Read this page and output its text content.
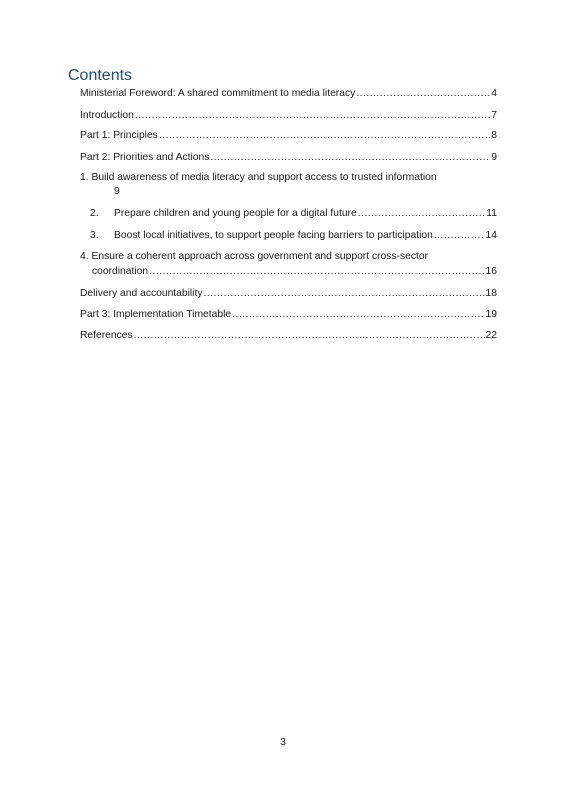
Contents
Ministerial Foreword: A shared commitment to media literacy .....	4
Introduction .....	7
Part 1: Principles .....	8
Part 2: Priorities and Actions .....	9
1. Build awareness of media literacy and support access to trusted information
9
2. Prepare children and young people for a digital future .....	11
3. Boost local initiatives, to support people facing barriers to participation .....	14
4. Ensure a coherent approach across government and support cross-sector
coordination .....	16
Delivery and accountability .....	18
Part 3: Implementation Timetable .....	19
References .....	22
3
